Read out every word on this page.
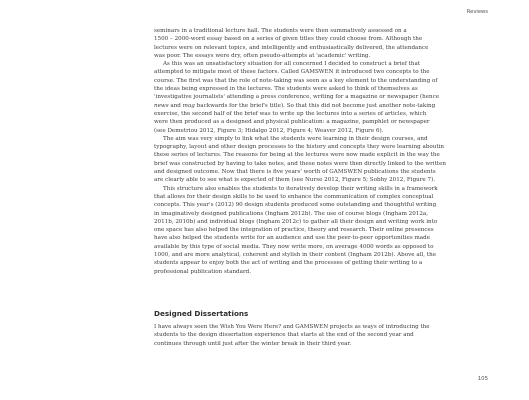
Reviews

seminars in a traditional lecture hall. The students were then summatively assessed on a

1500 – 2000-word essay based on a series of given titles they could choose from. Although the

lectures were on relevant topics, and intelligently and enthusiastically delivered, the attendance

was poor. The essays were dry, often pseudo-attempts at 'academic' writing.

As this was an unsatisfactory situation for all concerned I decided to construct a brief that

attempted to mitigate most of these factors. Called GAMSWEN it introduced two concepts to the

course. The first was that the role of note-taking was seen as a key element to the understanding of

the ideas being expressed in the lectures. The students were asked to think of themselves as

'investigative journalists' attending a press conference, writing for a magazine or newspaper (hence

news and mag backwards for the brief's title). So that this did not become just another note-taking

exercise, the second half of the brief was to write up the lectures into a series of articles, which

were then produced as a designed and physical publication: a magazine, pamphlet or newspaper

(see Demetriou 2012, Figure 3; Hidalgo 2012, Figure 4; Weaver 2012, Figure 6).

The aim was very simply to link what the students were learning in their design courses, and

typography, layout and other design processes to the history and concepts they were learning aboutin

these series of lectures. The reasons for being at the lectures were now made explicit in the way the

brief was constructed by having to take notes, and these notes were then directly linked to the written

and designed outcome. Now that there is five years' worth of GAMSWEN publications the students

are clearly able to see what is expected of them (see Nurse 2012, Figure 5; Sobhy 2012, Figure 7).

This structure also enables the students to iteratively develop their writing skills in a framework

that allows for their design skills to be used to enhance the communication of complex conceptual

concepts. This year's (2012) 90 design students produced some outstanding and thoughtful writing

in imaginatively designed publications (Ingham 2012b). The use of course blogs (Ingham 2012a,

2011b, 2010b) and individual blogs (Ingham 2012c) to gather all their design and writing work into

one space has also helped the integration of practice, theory and research. Their online presences

have also helped the students write for an audience and use the peer-to-peer opportunities made

available by this type of social media. They now write more, on average 4000 words as opposed to

1000, and are more analytical, coherent and stylish in their content (Ingham 2012b). Above all, the

students appear to enjoy both the act of writing and the processes of getting their writing to a

professional publication standard.

Designed Dissertations

I have always seen the Wish You Were Here? and GAMSWEN projects as ways of introducing the

students to the design dissertation experience that starts at the end of the second year and

continues through until just after the winter break in their third year.

105
